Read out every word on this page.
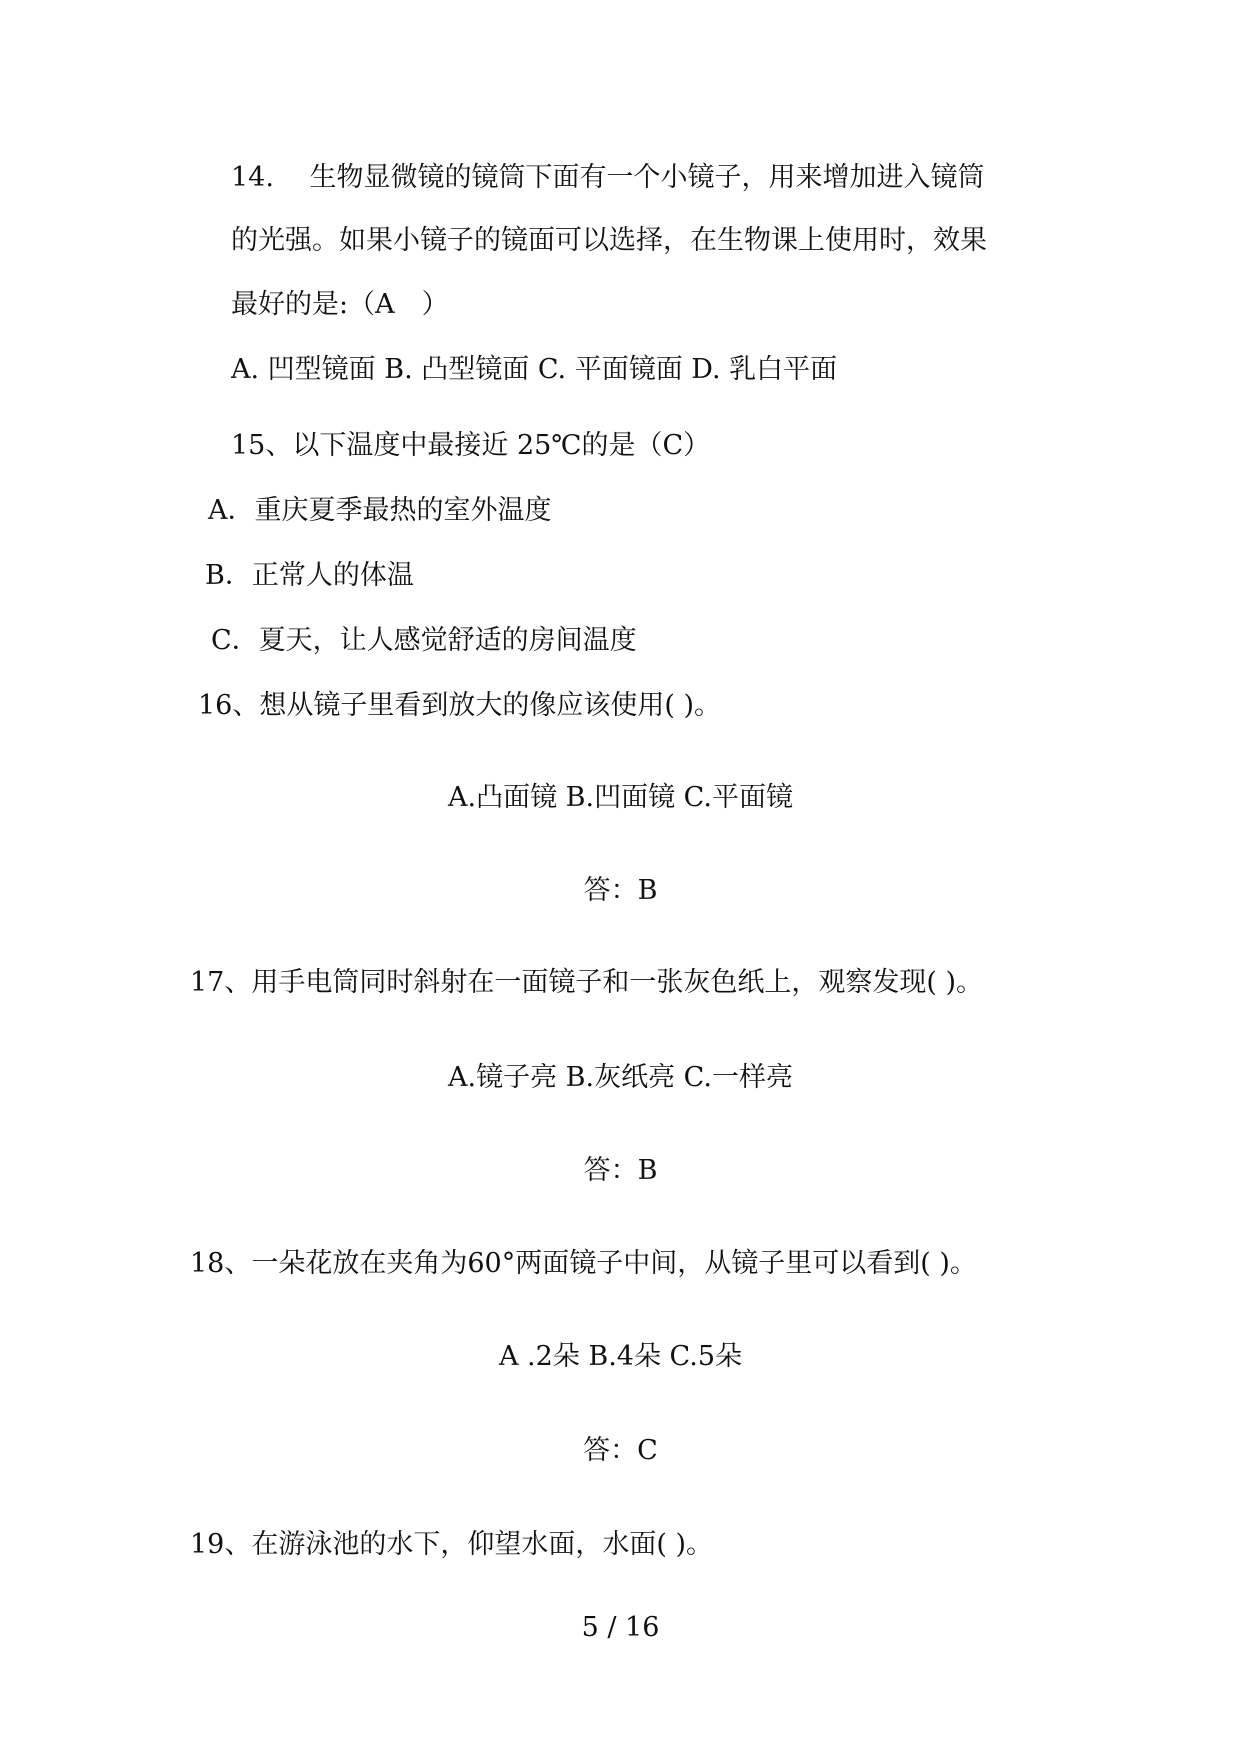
14.　 生物显微镜的镜筒下面有一个小镜子，用来增加进入镜筒
的光强。如果小镜子的镜面可以选择，在生物课上使用时，效果
最好的是:（A　）
A. 凹型镜面 B. 凸型镜面 C. 平面镜面 D. 乳白平面
15、以下温度中最接近 25℃的是（C）
A．重庆夏季最热的室外温度
B．正常人的体温
C．夏天，让人感觉舒适的房间温度
16、想从镜子里看到放大的像应该使用( )。
A.凸面镜 B.凹面镜 C.平面镜
答：B
17、用手电筒同时斜射在一面镜子和一张灰色纸上，观察发现( )。
A.镜子亮 B.灰纸亮 C.一样亮
答：B
18、一朵花放在夹角为60°两面镜子中间，从镜子里可以看到( )。
A .2朵 B.4朵 C.5朵
答：C
19、在游泳池的水下，仰望水面，水面( )。
5 / 16
